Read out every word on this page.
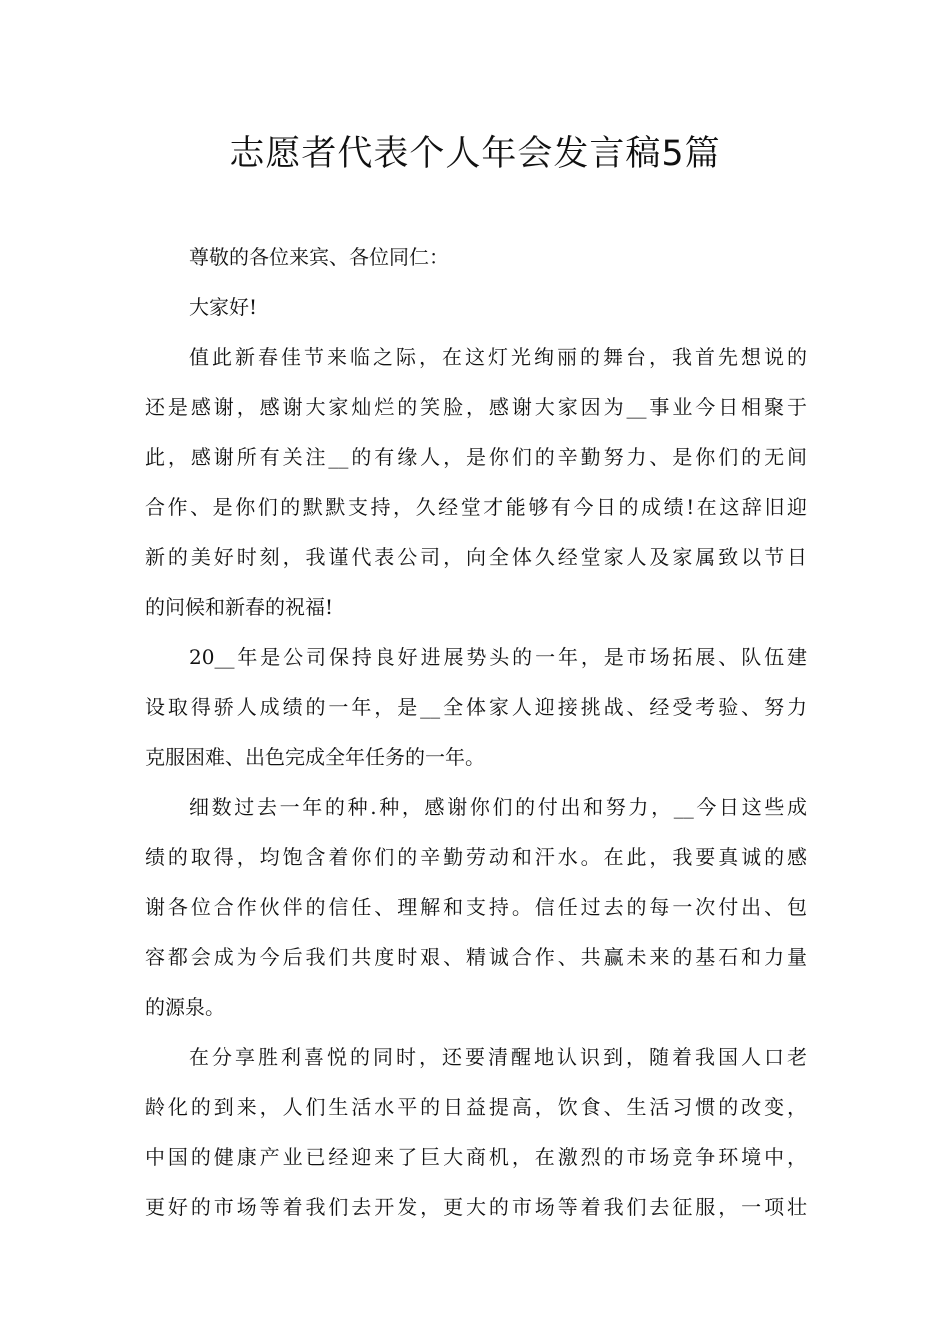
志愿者代表个人年会发言稿5篇
尊敬的各位来宾、各位同仁：
大家好!
值此新春佳节来临之际，在这灯光绚丽的舞台，我首先想说的
还是感谢，感谢大家灿烂的笑脸，感谢大家因为__事业今日相聚于
此，感谢所有关注__的有缘人，是你们的辛勤努力、是你们的无间
合作、是你们的默默支持，久经堂才能够有今日的成绩!在这辞旧迎
新的美好时刻，我谨代表公司，向全体久经堂家人及家属致以节日
的问候和新春的祝福!
20__年是公司保持良好进展势头的一年，是市场拓展、队伍建
设取得骄人成绩的一年，是__全体家人迎接挑战、经受考验、努力
克服困难、出色完成全年任务的一年。
细数过去一年的种.种，感谢你们的付出和努力，__今日这些成
绩的取得，均饱含着你们的辛勤劳动和汗水。在此，我要真诚的感
谢各位合作伙伴的信任、理解和支持。信任过去的每一次付出、包
容都会成为今后我们共度时艰、精诚合作、共赢未来的基石和力量
的源泉。
在分享胜利喜悦的同时，还要清醒地认识到，随着我国人口老
龄化的到来，人们生活水平的日益提高，饮食、生活习惯的改变，
中国的健康产业已经迎来了巨大商机，在激烈的市场竞争环境中，
更好的市场等着我们去开发，更大的市场等着我们去征服，一项壮
